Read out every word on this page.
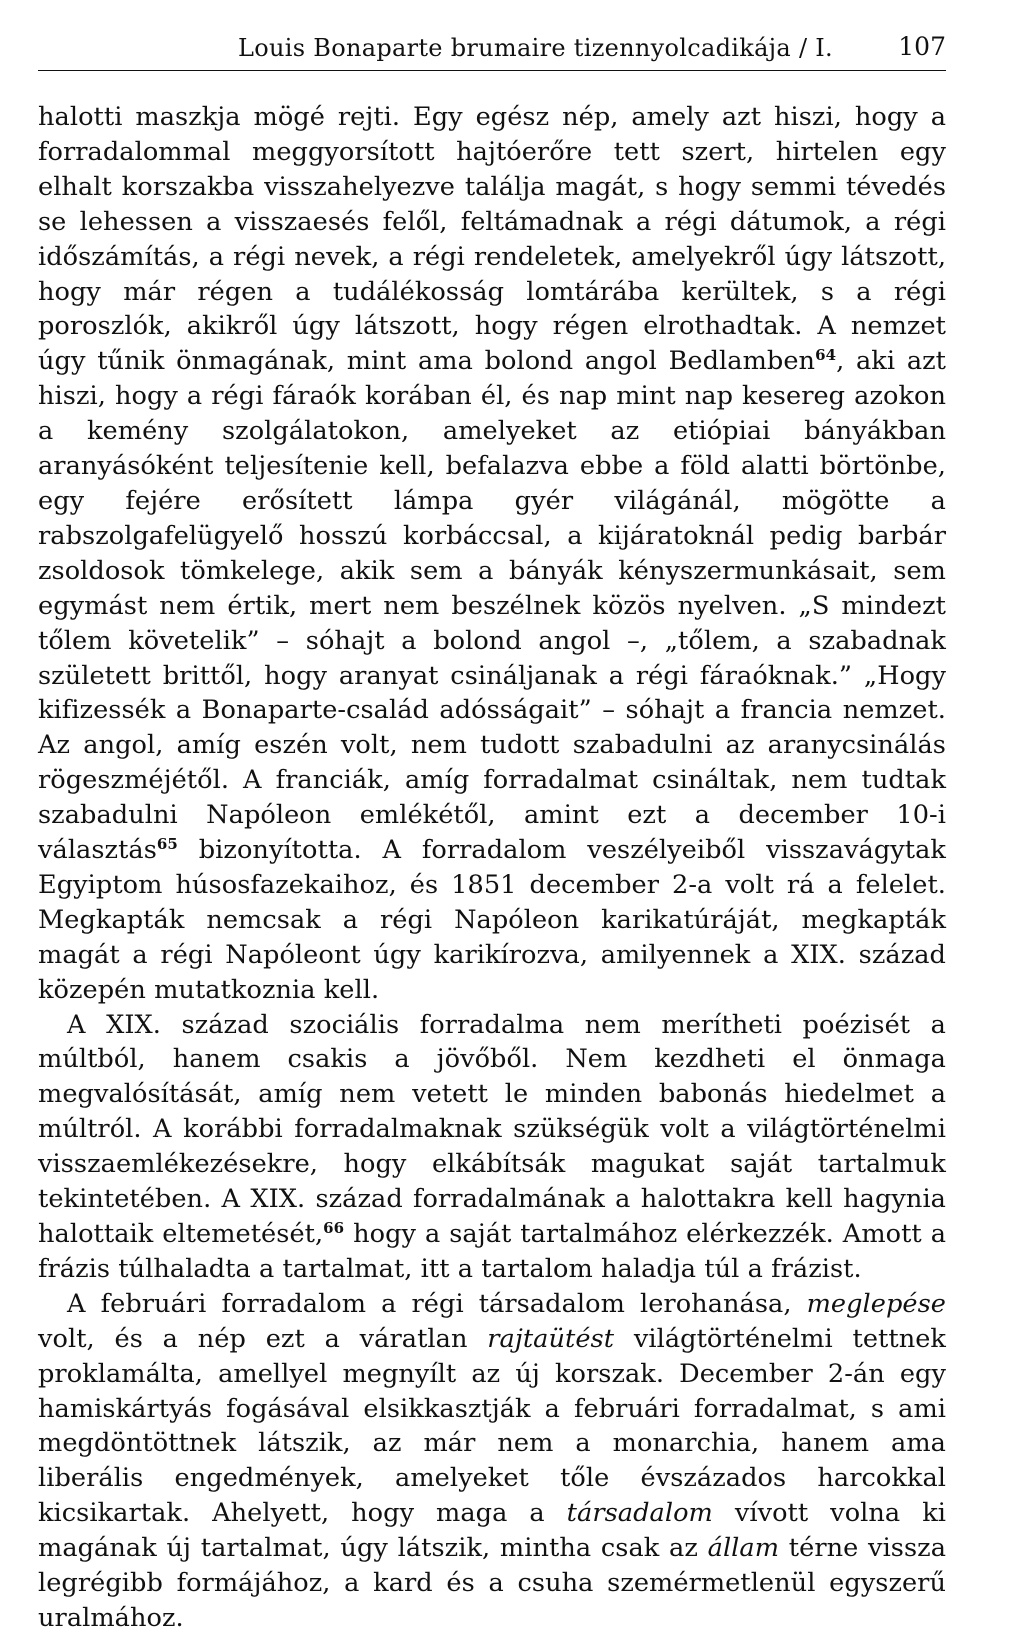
Louis Bonaparte brumaire tizennyolcadikája / I.	107

halotti maszkja mögé rejti. Egy egész nép, amely azt hiszi, hogy a forradalommal meggyorsított hajtóerőre tett szert, hirtelen egy elhalt korszakba visszahelyezve találja magát, s hogy semmi tévedés se lehessen a visszaesés felől, feltámadnak a régi dátumok, a régi időszámítás, a régi nevek, a régi rendeletek, amelyekről úgy látszott, hogy már régen a tudálékosság lomtárába kerültek, s a régi poroszlók, akikről úgy látszott, hogy régen elrothadtak. A nemzet úgy tűnik önmagának, mint ama bolond angol Bedlamben$^{64}$, aki azt hiszi, hogy a régi fáraók korában él, és nap mint nap kesereg azokon a kemény szolgálatokon, amelyeket az etiópiai bányákban aranyásóként teljesítenie kell, befalazva ebbe a föld alatti börtönbe, egy fejére erősített lámpa gyér világánál, mögötte a rabszolgafelügyelő hosszú korbáccsal, a kijáratoknál pedig barbár zsoldosok tömkelege, akik sem a bányák kényszermunkásait, sem egymást nem értik, mert nem beszélnek közös nyelven. „S mindezt tőlem követelik” – sóhajt a bolond angol –, „tőlem, a szabadnak született brittől, hogy aranyat csináljanak a régi fáraóknak.” „Hogy kifizessék a Bonaparte-család adósságait” – sóhajt a francia nemzet. Az angol, amíg eszén volt, nem tudott szabadulni az aranycsinálás rögeszméjétől. A franciák, amíg forradalmat csináltak, nem tudtak szabadulni Napóleon emlékétől, amint ezt a december 10-i választás$^{65}$ bizonyította. A forradalom veszélyeiből visszavágytak Egyiptom húsosfazekaihoz, és 1851 december 2-a volt rá a felelet. Megkapták nemcsak a régi Napóleon karikatúráját, megkapták magát a régi Napóleont úgy karikírozva, amilyennek a XIX. század közepén mutatkoznia kell.

A XIX. század szociális forradalma nem merítheti poézisét a múltból, hanem csakis a jövőből. Nem kezdheti el önmaga megvalósítását, amíg nem vetett le minden babonás hiedelmet a múltról. A korábbi forradalmaknak szükségük volt a világtörténelmi visszaemlékezésekre, hogy elkábítsák magukat saját tartalmuk tekintetében. A XIX. század forradalmának a halottakra kell hagynia halottaik eltemetését,$^{66}$ hogy a saját tartalmához elérkezzék. Amott a frázis túlhaladta a tartalmat, itt a tartalom haladja túl a frázist.

A februári forradalom a régi társadalom lerohanása, meglepése volt, és a nép ezt a váratlan rajtaütést világtörténelmi tettnek proklamálta, amellyel megnyílt az új korszak. December 2-án egy hamiskártyás fogásával elsikkasztják a februári forradalmat, s ami megdöntöttnek látszik, az már nem a monarchia, hanem ama liberális engedmények, amelyeket tőle évszázados harcokkal kicsikartak. Ahelyett, hogy maga a társadalom vívott volna ki magának új tartalmat, úgy látszik, mintha csak az állam térne vissza legrégibb formájához, a kard és a csuha szemérmetlenül egyszerű uralmához.
